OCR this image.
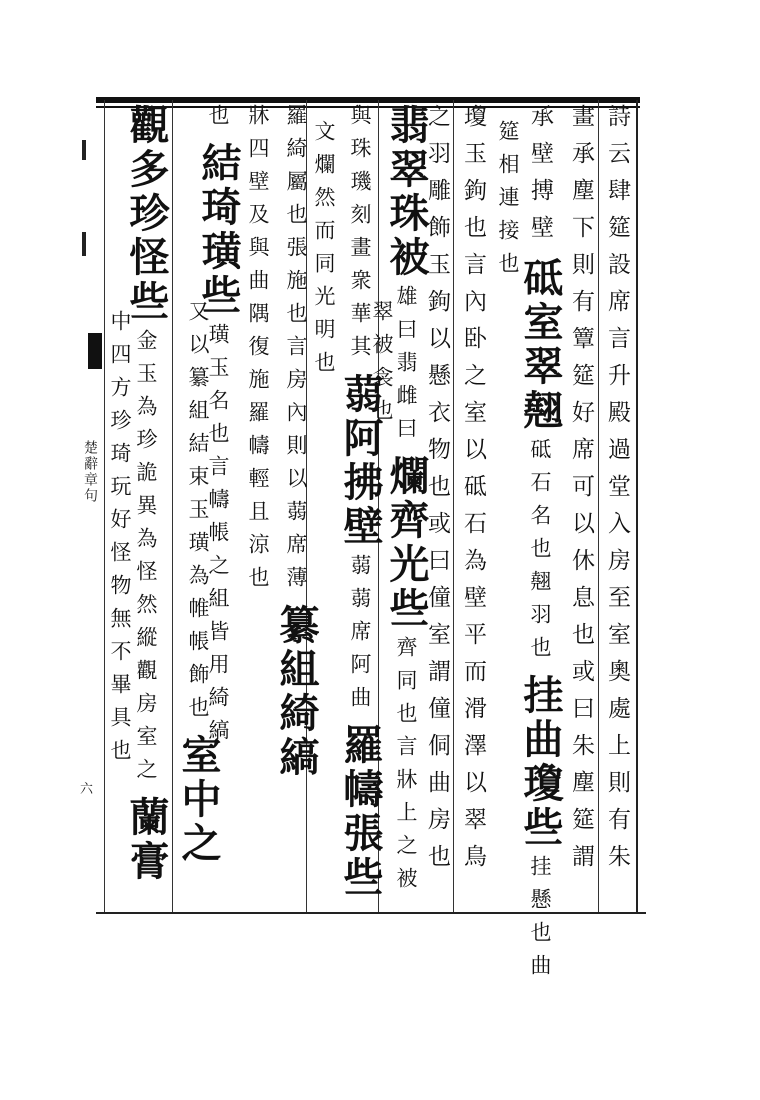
楚辭章句
六	詩云肆筵設席言升殿過堂入房至室奧處上則有朱
畫承塵下則有簟筵好席可以休息也或曰朱塵筵謂
承壁搏壁 砥室翠翹 砥石名也翹羽也 挂曲瓊些 挂懸也曲
筵相連接也
瓊玉鉤也言內卧之室以砥石為壁平而滑澤以翠鳥
之羽雕飾玉鉤以懸衣物也或曰僮室謂僮侗曲房也
翡翠珠被 雄曰翡雌曰 爛齊光些 齊同也言牀上之被
翠被衾也
與珠璣刻畫衆華其 蒻阿拂壁 蒻蒻席阿曲 羅幬張些
文爛然而同光明也
羅綺屬也張施也言房內則以蒻席薄 纂組綺縞
牀四壁及與曲隅復施羅幬輕且涼也
也 結琦璜些 璜玉名也言幬帳之組皆用綺縞
又以纂組結束玉璜為帷帳飾也 室中之
觀多珍怪些 金玉為珍詭異為怪然縱觀房室之 蘭膏
中四方珍琦玩好怪物無不畢具也
